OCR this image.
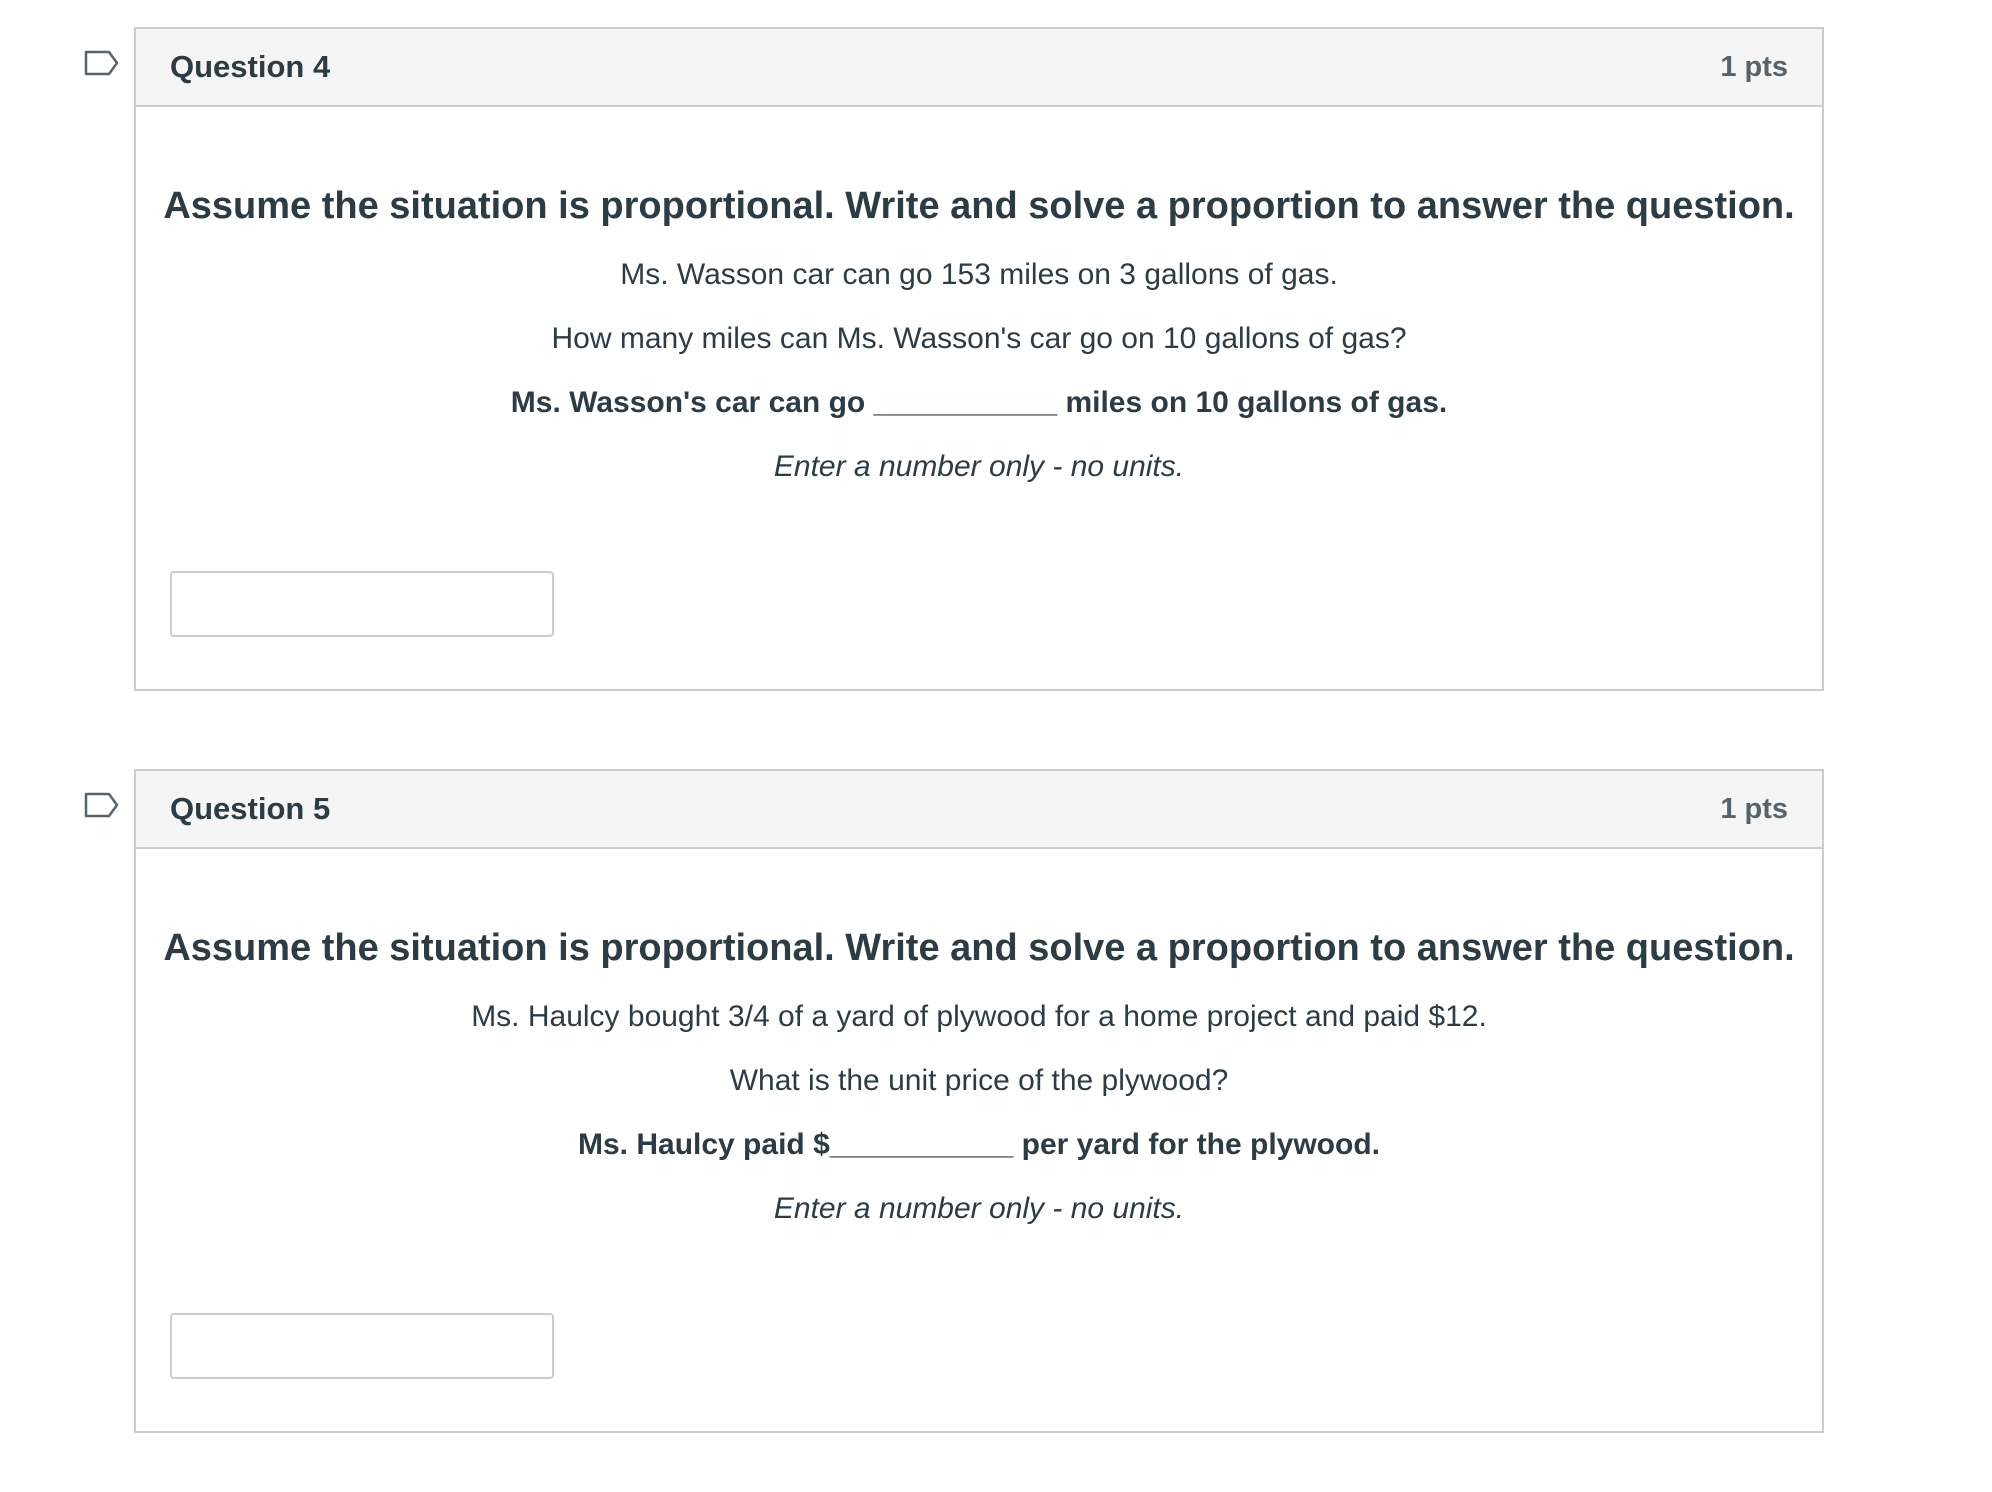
Question 4	1 pts
Assume the situation is proportional. Write and solve a proportion to answer the question.
Ms. Wasson car can go 153 miles on 3 gallons of gas.
How many miles can Ms. Wasson's car go on 10 gallons of gas?
Ms. Wasson's car can go ___________ miles on 10 gallons of gas.
Enter a number only - no units.
Question 5	1 pts
Assume the situation is proportional. Write and solve a proportion to answer the question.
Ms. Haulcy bought 3/4 of a yard of plywood for a home project and paid $12.
What is the unit price of the plywood?
Ms. Haulcy paid $___________ per yard for the plywood.
Enter a number only - no units.
